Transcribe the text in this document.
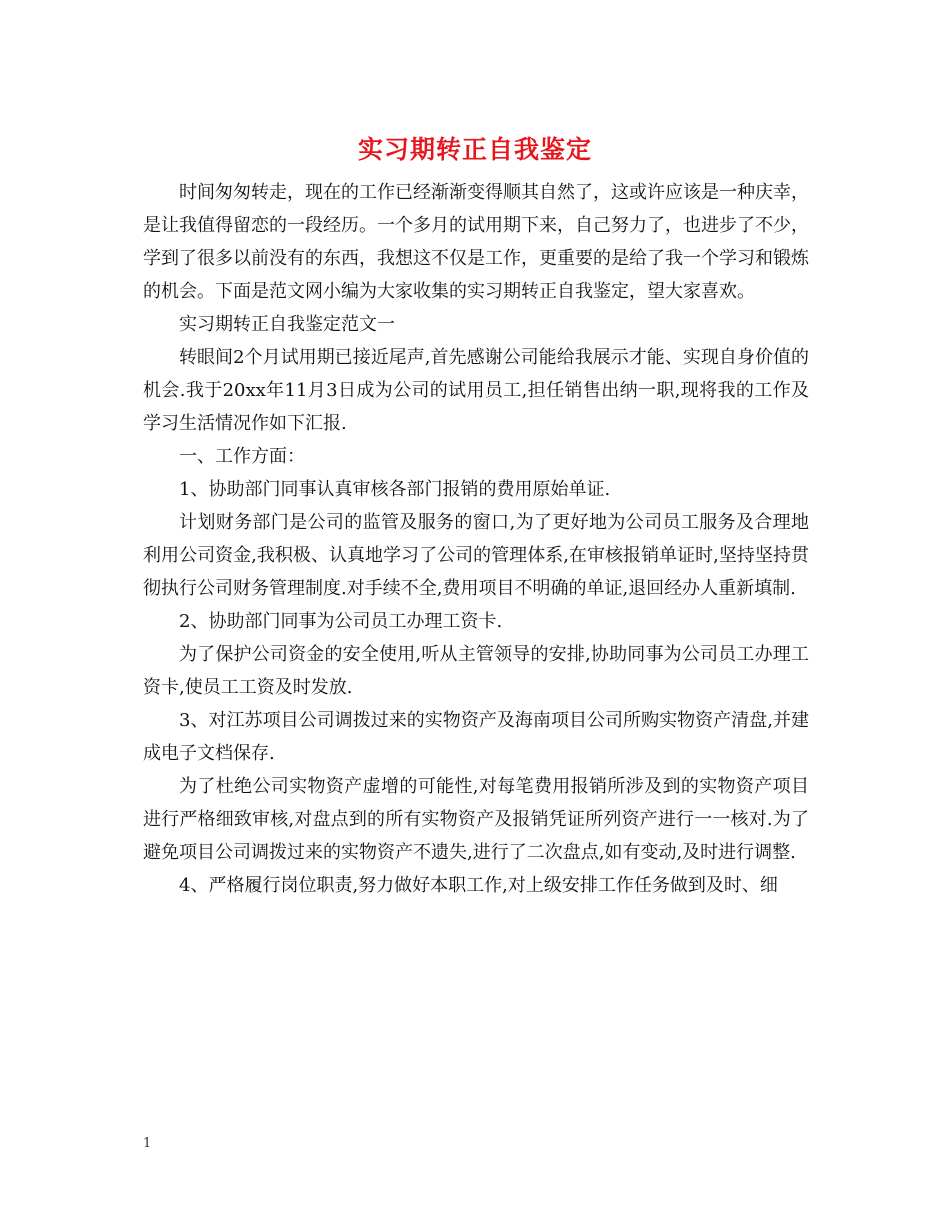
实习期转正自我鉴定

时间匆匆转走，现在的工作已经渐渐变得顺其自然了，这或许应该是一种庆幸，是让我值得留恋的一段经历。一个多月的试用期下来，自己努力了，也进步了不少，学到了很多以前没有的东西，我想这不仅是工作，更重要的是给了我一个学习和锻炼的机会。下面是范文网小编为大家收集的实习期转正自我鉴定，望大家喜欢。

实习期转正自我鉴定范文一

转眼间2个月试用期已接近尾声,首先感谢公司能给我展示才能、实现自身价值的机会.我于20xx年11月3日成为公司的试用员工,担任销售出纳一职,现将我的工作及学习生活情况作如下汇报.

一、工作方面：

1、协助部门同事认真审核各部门报销的费用原始单证.

计划财务部门是公司的监管及服务的窗口,为了更好地为公司员工服务及合理地利用公司资金,我积极、认真地学习了公司的管理体系,在审核报销单证时,坚持坚持贯彻执行公司财务管理制度.对手续不全,费用项目不明确的单证,退回经办人重新填制.

2、协助部门同事为公司员工办理工资卡.

为了保护公司资金的安全使用,听从主管领导的安排,协助同事为公司员工办理工资卡,使员工工资及时发放.

3、对江苏项目公司调拨过来的实物资产及海南项目公司所购实物资产清盘,并建成电子文档保存.

为了杜绝公司实物资产虚增的可能性,对每笔费用报销所涉及到的实物资产项目进行严格细致审核,对盘点到的所有实物资产及报销凭证所列资产进行一一核对.为了避免项目公司调拨过来的实物资产不遗失,进行了二次盘点,如有变动,及时进行调整.

4、严格履行岗位职责,努力做好本职工作,对上级安排工作任务做到及时、细

1
